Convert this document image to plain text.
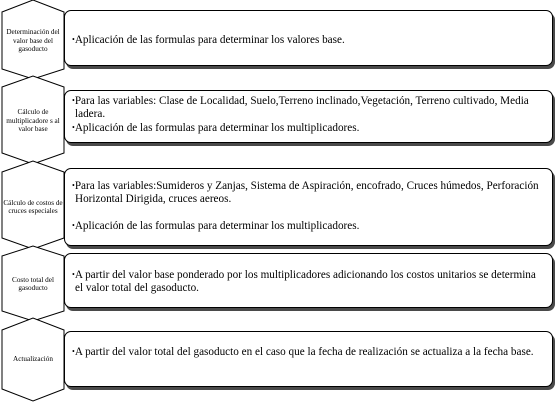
Determinación del valor base del gasoducto

•Aplicación de las formulas para determinar los valores base.

Cálculo de multiplicadore s al valor base

•Para las variables: Clase de Localidad, Suelo,Terreno inclinado,Vegetación, Terreno cultivado, Media ladera.

•Aplicación de las formulas para determinar los multiplicadores.

Cálculo de costos de cruces especiales

•Para las variables:Sumideros y Zanjas, Sistema de Aspiración, encofrado, Cruces húmedos, Perforación Horizontal Dirigida, cruces aereos.

•Aplicación de las formulas para determinar los multiplicadores.

Costo total del gasoducto

•A partir del valor base ponderado por los multiplicadores adicionando los costos unitarios se determina el valor total del gasoducto.

Actualización

•A partir del valor total del gasoducto en el caso que la fecha de realización se actualiza a la fecha base.
